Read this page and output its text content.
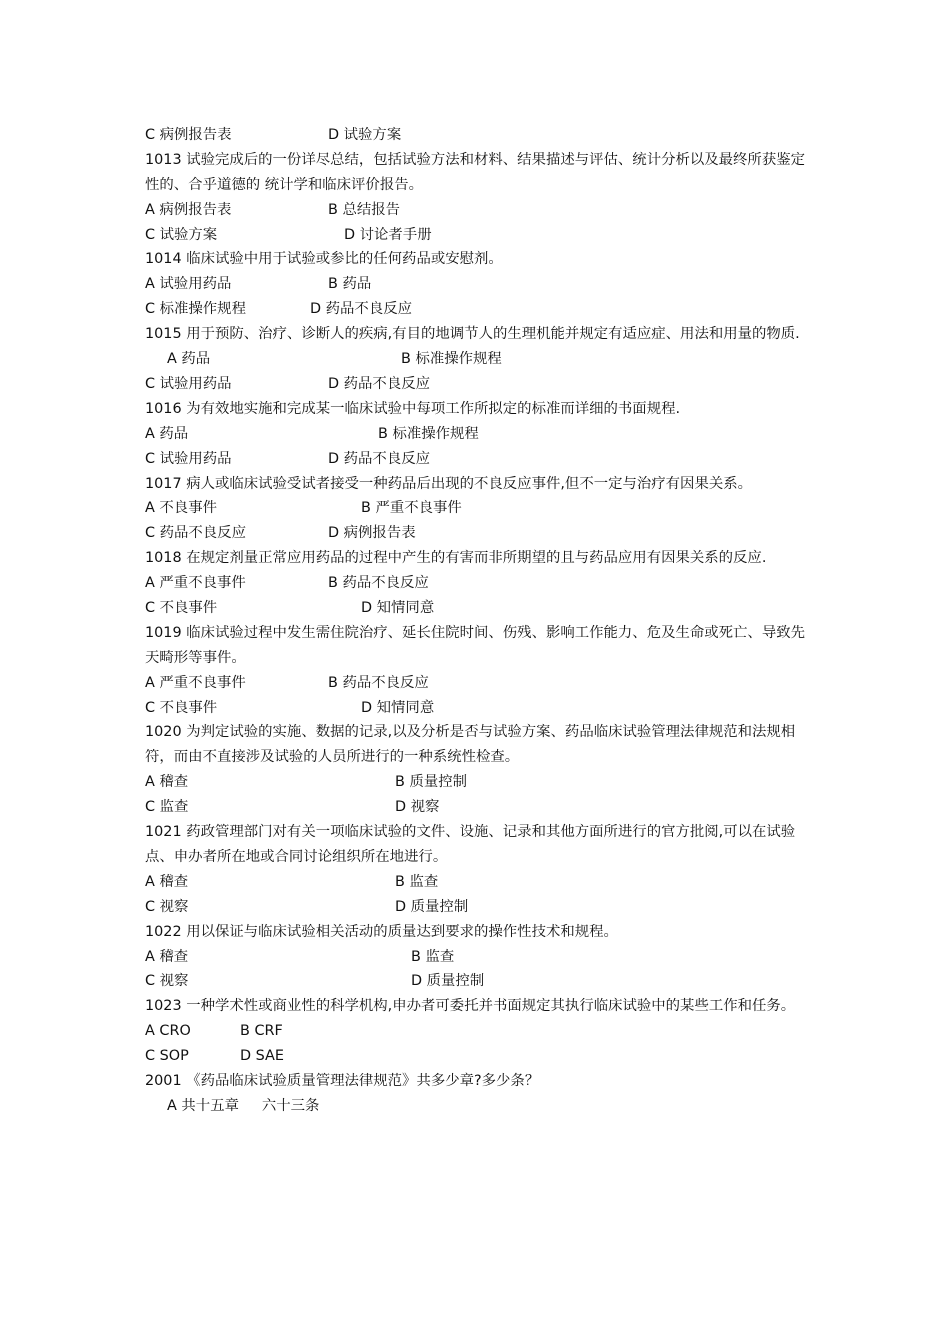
C 病例报告表	D 试验方案
1013 试验完成后的一份详尽总结，包括试验方法和材料、结果描述与评估、统计分析以及最终所获鉴定性的、合乎道德的 统计学和临床评价报告。
A 病例报告表	B 总结报告
C 试验方案	D 讨论者手册
1014 临床试验中用于试验或参比的任何药品或安慰剂。
A 试验用药品	B 药品
C 标准操作规程	D 药品不良反应
1015 用于预防、治疗、诊断人的疾病,有目的地调节人的生理机能并规定有适应症、用法和用量的物质.
A 药品	B 标准操作规程
C 试验用药品	D 药品不良反应
1016 为有效地实施和完成某一临床试验中每项工作所拟定的标准而详细的书面规程.
A 药品	B 标准操作规程
C 试验用药品	D 药品不良反应
1017 病人或临床试验受试者接受一种药品后出现的不良反应事件,但不一定与治疗有因果关系。
A 不良事件	B 严重不良事件
C 药品不良反应	D 病例报告表
1018 在规定剂量正常应用药品的过程中产生的有害而非所期望的且与药品应用有因果关系的反应.
A 严重不良事件	B 药品不良反应
C 不良事件	D 知情同意
1019 临床试验过程中发生需住院治疗、延长住院时间、伤残、影响工作能力、危及生命或死亡、导致先天畸形等事件。
A 严重不良事件	B 药品不良反应
C 不良事件	D 知情同意
1020 为判定试验的实施、数据的记录,以及分析是否与试验方案、药品临床试验管理法律规范和法规相符，而由不直接涉及试验的人员所进行的一种系统性检查。
A 稽查	B 质量控制
C 监查	D 视察
1021 药政管理部门对有关一项临床试验的文件、设施、记录和其他方面所进行的官方批阅,可以在试验点、申办者所在地或合同讨论组织所在地进行。
A 稽查	B 监查
C 视察	D 质量控制
1022 用以保证与临床试验相关活动的质量达到要求的操作性技术和规程。
A 稽查	B 监查
C 视察	D 质量控制
1023 一种学术性或商业性的科学机构,申办者可委托并书面规定其执行临床试验中的某些工作和任务。
A CRO	B CRF
C SOP	D SAE
2001 《药品临床试验质量管理法律规范》共多少章?多少条？
A 共十五章     六十三条
